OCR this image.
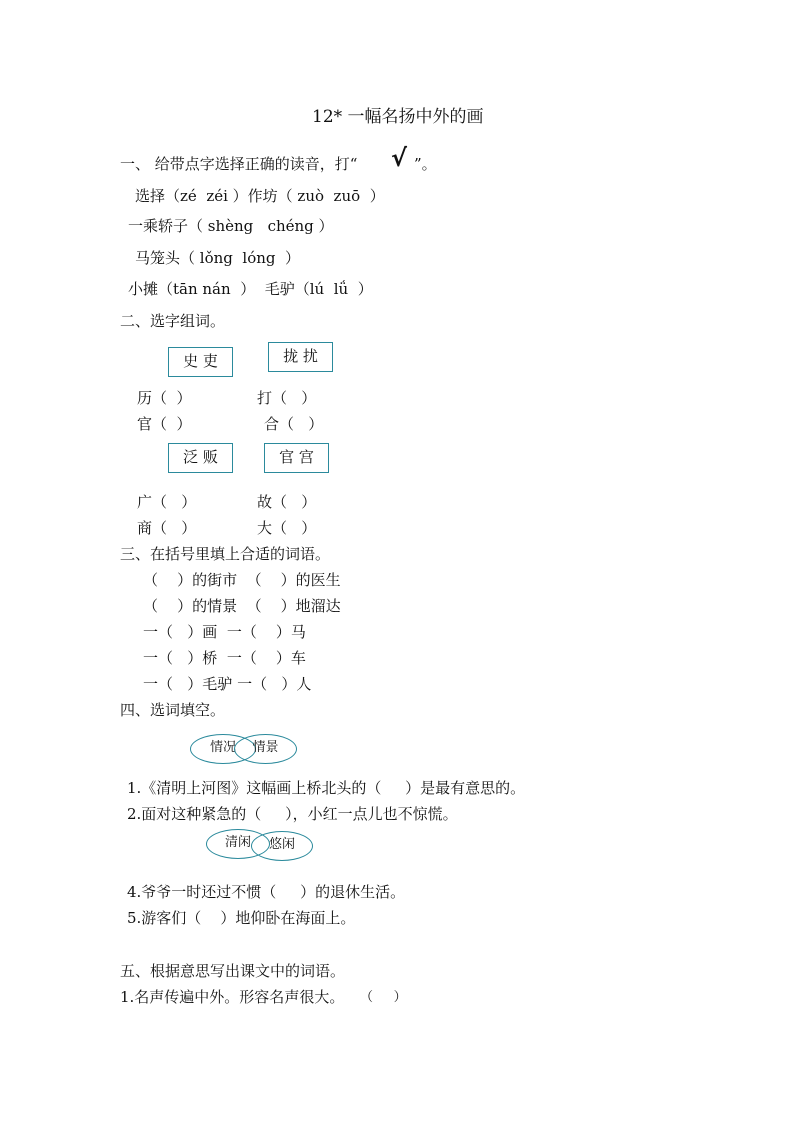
12* 一幅名扬中外的画
一、 给带点字选择正确的读音，打“ √ ”。
选择（zé  zéi ）作坊（ zuò  zuō  ）
一乘轿子（ shèng   chéng ）
马笼头（ lǒng  lóng  ）
小摊（tān nán  ）  毛驴（lú  lǘ  ）
二、选字组词。
史 吏	拢 扰
历（  ）	打（   ）
官（  ）	合（   ）
泛 贩	官 宫
广（   ）	故（   ）
商（   ）	大（   ）
三、在括号里填上合适的词语。
（    ）的街市  （    ）的医生
（    ）的情景  （    ）地溜达
一（   ）画  一（    ）马
一（   ）桥  一（    ）车
一（   ）毛驴 一（   ）人
四、选词填空。
情况	情景
1.《清明上河图》这幅画上桥北头的（     ）是最有意思的。
2.面对这种紧急的（     ），小红一点儿也不惊慌。
清闲	悠闲
4.爷爷一时还过不惯（     ）的退休生活。
5.游客们（    ）地仰卧在海面上。
五、根据意思写出课文中的词语。
1.名声传遍中外。形容名声很大。 （     ）
